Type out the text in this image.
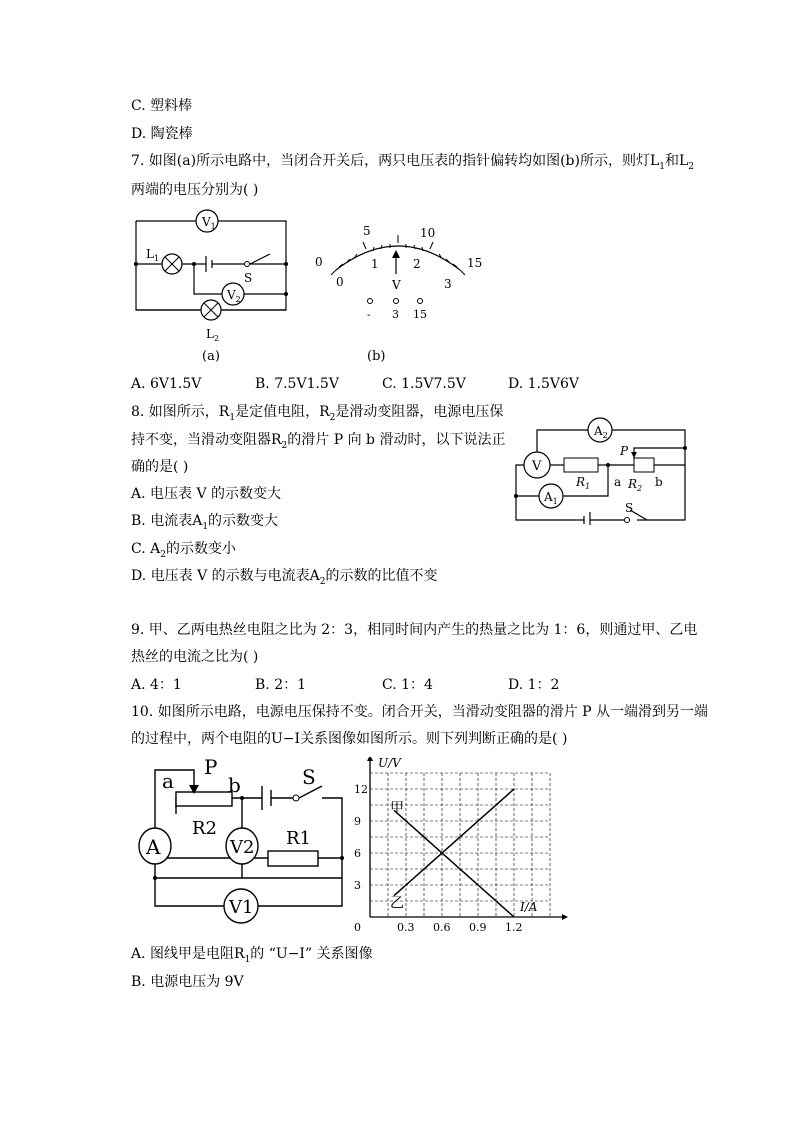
C. 塑料棒
D. 陶瓷棒
7. 如图(a)所示电路中，当闭合开关后，两只电压表的指针偏转均如图(b)所示，则灯$L_1$和$L_2$
两端的电压分别为( )
$V_1$
$L_1$
S
$V_2$
$L_2$
(a)
0
5	10
15
0
1	2
3
V
- 3 15
(b)
A. 6V1.5V	B. 7.5V1.5V	C. 1.5V7.5V	D. 1.5V6V
8. 如图所示，$R_1$是定值电阻，$R_2$是滑动变阻器，电源电压保
持不变，当滑动变阻器$R_2$的滑片 P 向 b 滑动时，以下说法正
确的是( )
A. 电压表 V 的示数变大
B. 电流表$A_1$的示数变大
C. $A_2$的示数变小
D. 电压表 V 的示数与电流表$A_2$的示数的比值不变
$A_2$
V
$A_1$
$R_1$	$R_2$
P
a	b
S
9. 甲、乙两电热丝电阻之比为 2：3，相同时间内产生的热量之比为 1：6，则通过甲、乙电
热丝的电流之比为( )
A. 4：1	B. 2：1	C. 1：4	D. 1：2
10. 如图所示电路，电源电压保持不变。闭合开关，当滑动变阻器的滑片 P 从一端滑到另一端
的过程中，两个电阻的U−I关系图像如图所示。则下列判断正确的是( )
a
P
b	S
R2	R1
A	V2
V1
0	0.3 0.6 0.9 1.2
3
6
9
12
I/A
U/V
甲
乙
A. 图线甲是电阻$R_1$的 “U−I” 关系图像
B. 电源电压为 9V
